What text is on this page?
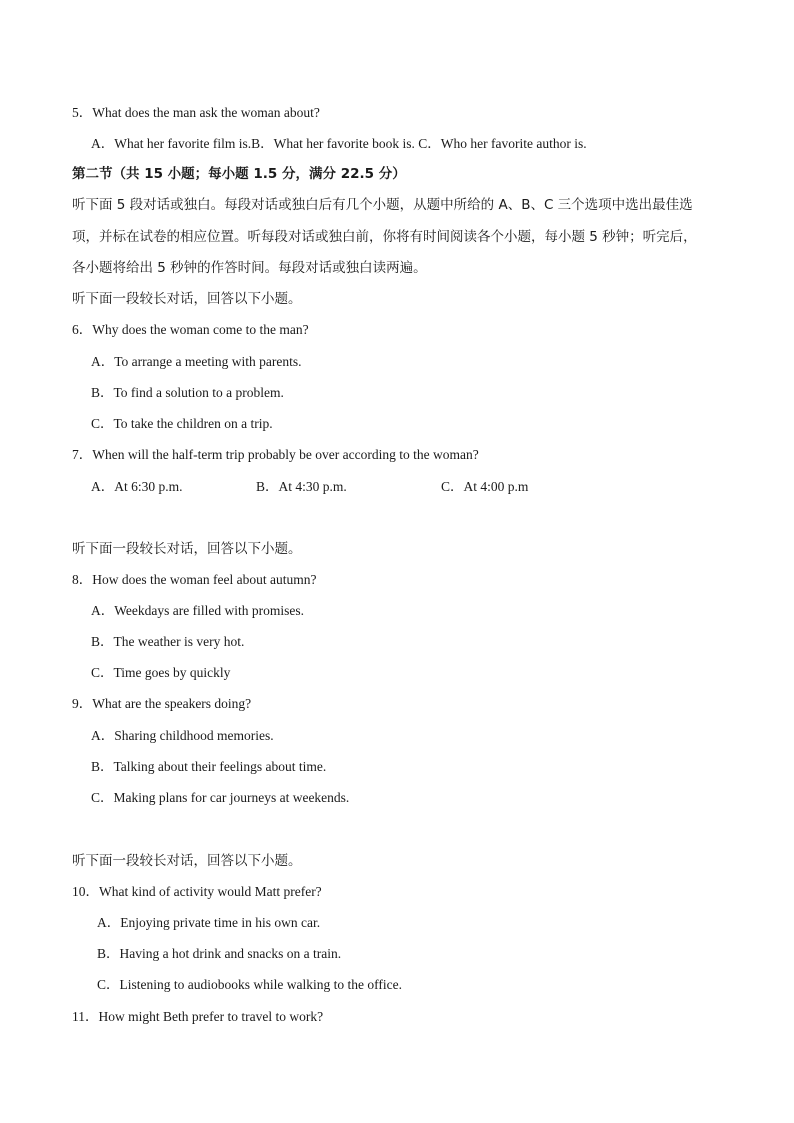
5．What does the man ask the woman about?
A．What her favorite film is.B．What her favorite book is. C．Who her favorite author is.
第二节（共 15 小题；每小题 1.5 分，满分 22.5 分）
听下面 5 段对话或独白。每段对话或独白后有几个小题，从题中所给的 A、B、C 三个选项中选出最佳选
项，并标在试卷的相应位置。听每段对话或独白前，你将有时间阅读各个小题，每小题 5 秒钟；听完后，
各小题将给出 5 秒钟的作答时间。每段对话或独白读两遍。
听下面一段较长对话，回答以下小题。
6．Why does the woman come to the man?
A．To arrange a meeting with parents.
B．To find a solution to a problem.
C．To take the children on a trip.
7．When will the half-term trip probably be over according to the woman?
A．At 6:30 p.m.	B．At 4:30 p.m.	C．At 4:00 p.m
听下面一段较长对话，回答以下小题。
8．How does the woman feel about autumn?
A．Weekdays are filled with promises.
B．The weather is very hot.
C．Time goes by quickly
9．What are the speakers doing?
A．Sharing childhood memories.
B．Talking about their feelings about time.
C．Making plans for car journeys at weekends.
听下面一段较长对话，回答以下小题。
10．What kind of activity would Matt prefer?
A．Enjoying private time in his own car.
B．Having a hot drink and snacks on a train.
C．Listening to audiobooks while walking to the office.
11．How might Beth prefer to travel to work?
